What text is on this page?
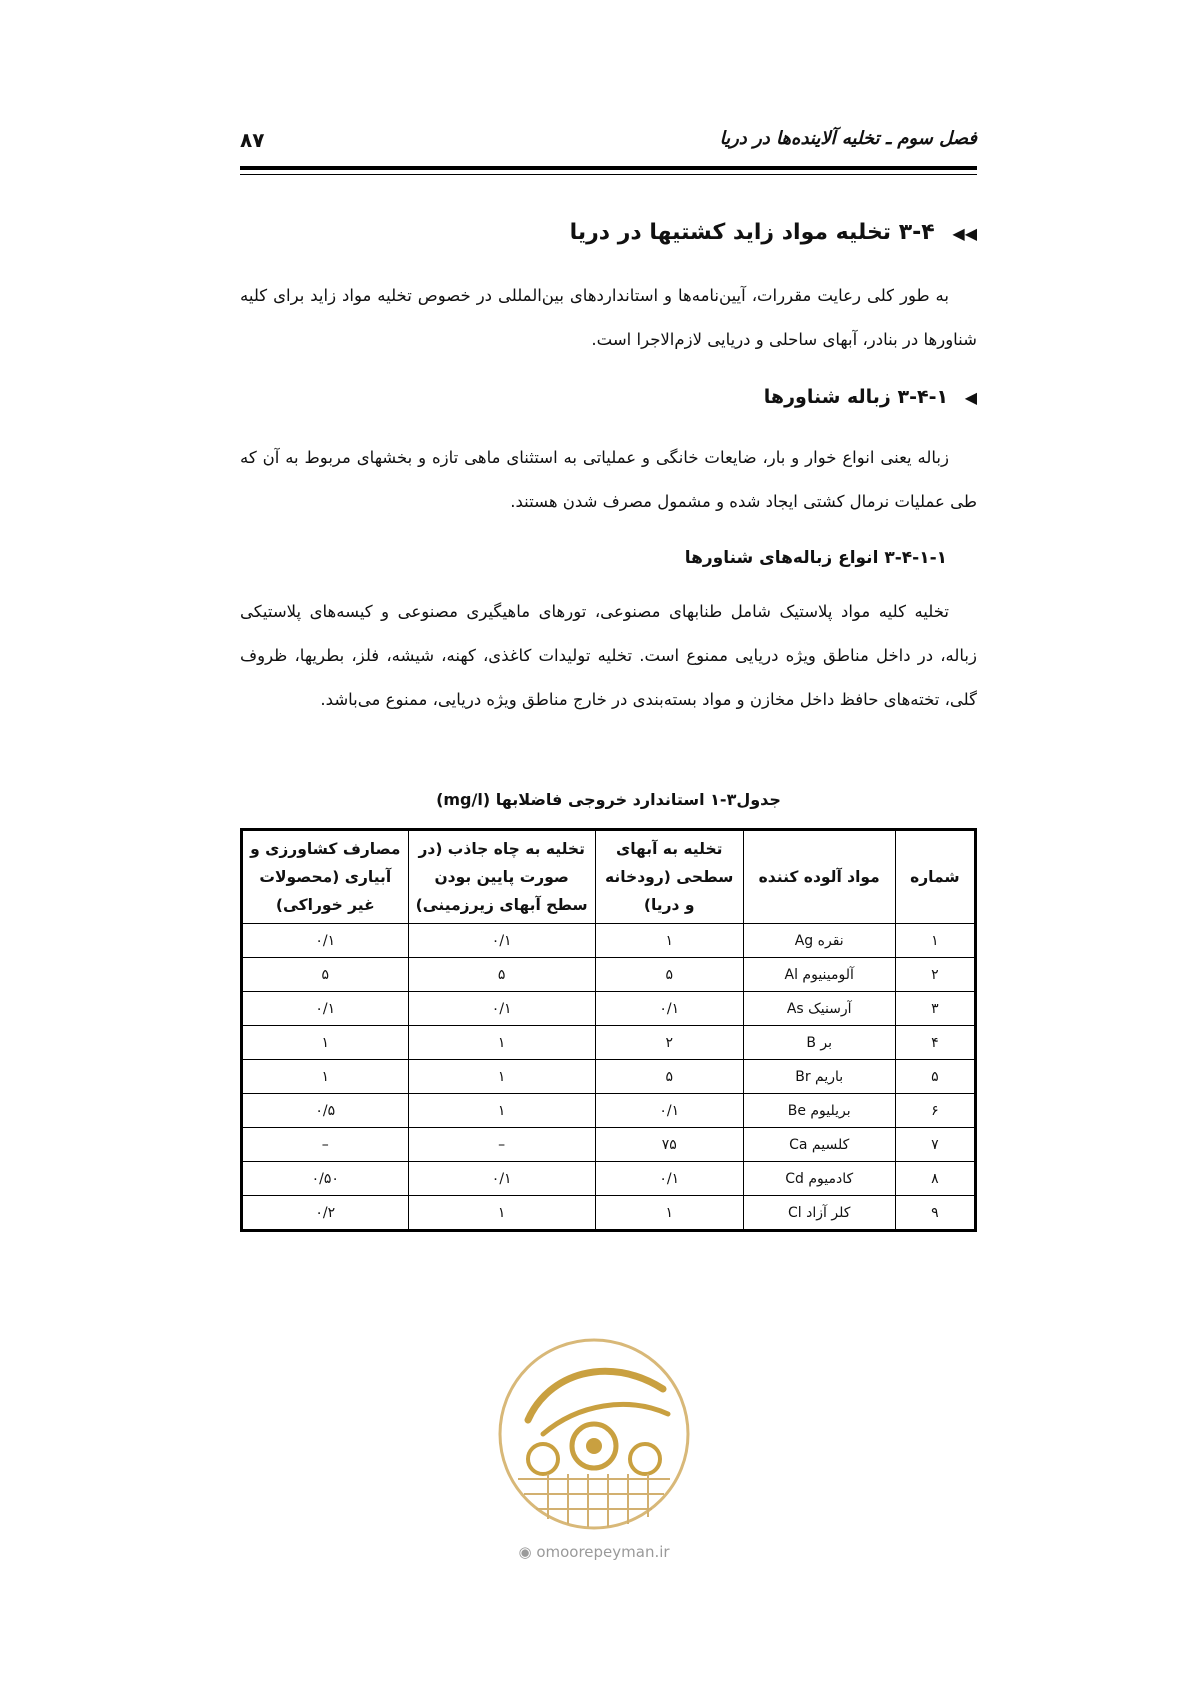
۸۷	فصل سوم ـ تخلیه آلاینده‌ها در دریا
◀◀ ۳-۴ تخلیه مواد زاید کشتیها در دریا
به طور کلی رعایت مقررات، آیین‌نامه‌ها و استانداردهای بین‌المللی در خصوص تخلیه مواد زاید برای کلیه شناورها در بنادر، آبهای ساحلی و دریایی لازم‌الاجرا است.
◀ ۳-۴-۱ زباله شناورها
زباله یعنی انواع خوار و بار، ضایعات خانگی و عملیاتی به استثنای ماهی تازه و بخشهای مربوط به آن که طی عملیات نرمال کشتی ایجاد شده و مشمول مصرف شدن هستند.
۳-۴-۱-۱ انواع زباله‌های شناورها
تخلیه کلیه مواد پلاستیک شامل طنابهای مصنوعی، تورهای ماهیگیری مصنوعی و کیسه‌های پلاستیکی زباله، در داخل مناطق ویژه دریایی ممنوع است. تخلیه تولیدات کاغذی، کهنه، شیشه، فلز، بطریها، ظروف گلی، تخته‌های حافظ داخل مخازن و مواد بسته‌بندی در خارج مناطق ویژه دریایی، ممنوع می‌باشد.
جدول۳-۱ استاندارد خروجی فاضلابها (mg/l)
شماره	مواد آلوده کننده	تخلیه به آبهای سطحی (رودخانه و دریا)	تخلیه به چاه جاذب (در صورت پایین بودن سطح آبهای زیرزمینی)	مصارف کشاورزی و آبیاری (محصولات غیر خوراکی)
۱	نقره Ag	۱	۰/۱	۰/۱
۲	آلومینیوم Al	۵	۵	۵
۳	آرسنیک As	۰/۱	۰/۱	۰/۱
۴	بر B	۲	۱	۱
۵	باریم Br	۵	۱	۱
۶	بریلیوم Be	۰/۱	۱	۰/۵
۷	کلسیم Ca	۷۵	–	–
۸	کادمیوم Cd	۰/۱	۰/۱	۰/۵۰
۹	کلر آزاد Cl	۱	۱	۰/۲
◉ omoorepeyman.ir
